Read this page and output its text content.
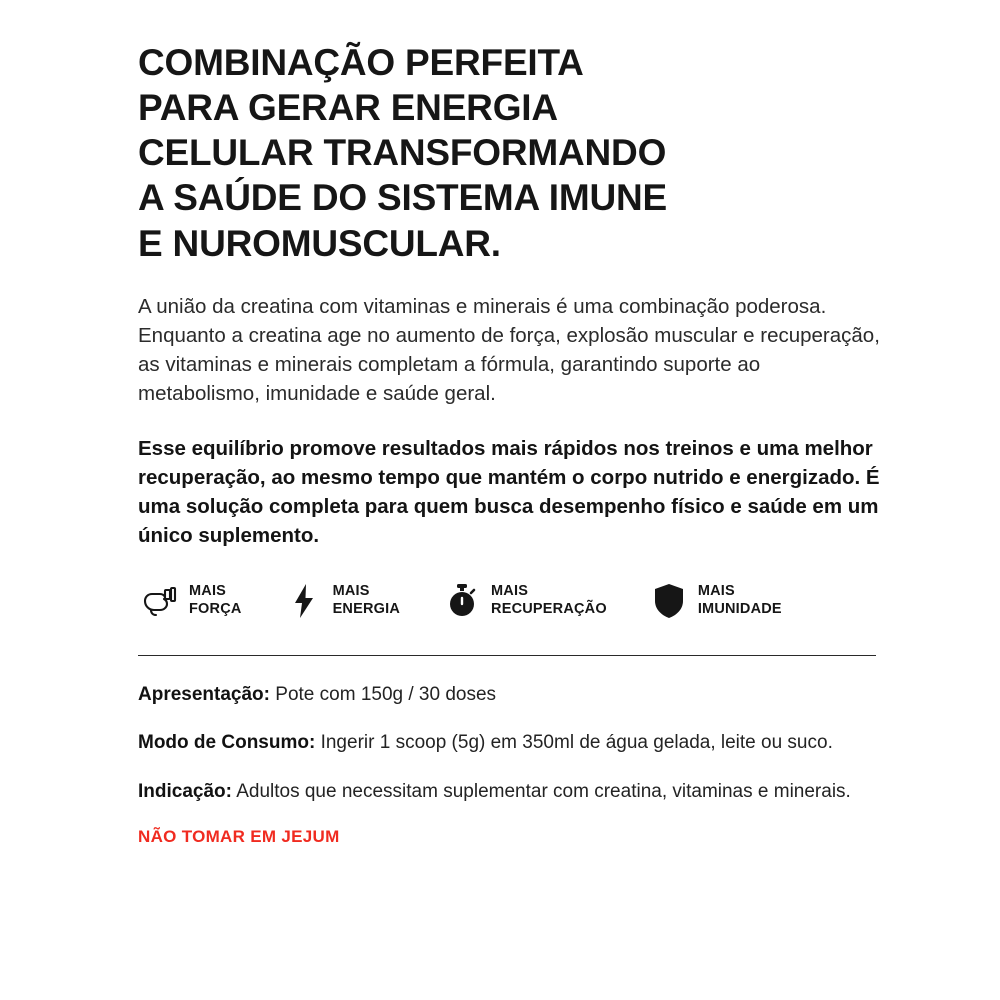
COMBINAÇÃO PERFEITA
PARA GERAR ENERGIA
CELULAR TRANSFORMANDO
A SAÚDE DO SISTEMA IMUNE
E NUROMUSCULAR.

A união da creatina com vitaminas e minerais é uma combinação poderosa. Enquanto a creatina age no aumento de força, explosão muscular e recuperação, as vitaminas e minerais completam a fórmula, garantindo suporte ao metabolismo, imunidade e saúde geral.

Esse equilíbrio promove resultados mais rápidos nos treinos e uma melhor recuperação, ao mesmo tempo que mantém o corpo nutrido e energizado. É uma solução completa para quem busca desempenho físico e saúde em um único suplemento.

MAIS
FORÇA
MAIS
ENERGIA
MAIS
RECUPERAÇÃO
MAIS
IMUNIDADE
Apresentação: Pote com 150g / 30 doses
Modo de Consumo: Ingerir 1 scoop (5g) em 350ml de água gelada, leite ou suco.
Indicação: Adultos que necessitam suplementar com creatina, vitaminas e minerais.
NÃO TOMAR EM JEJUM
